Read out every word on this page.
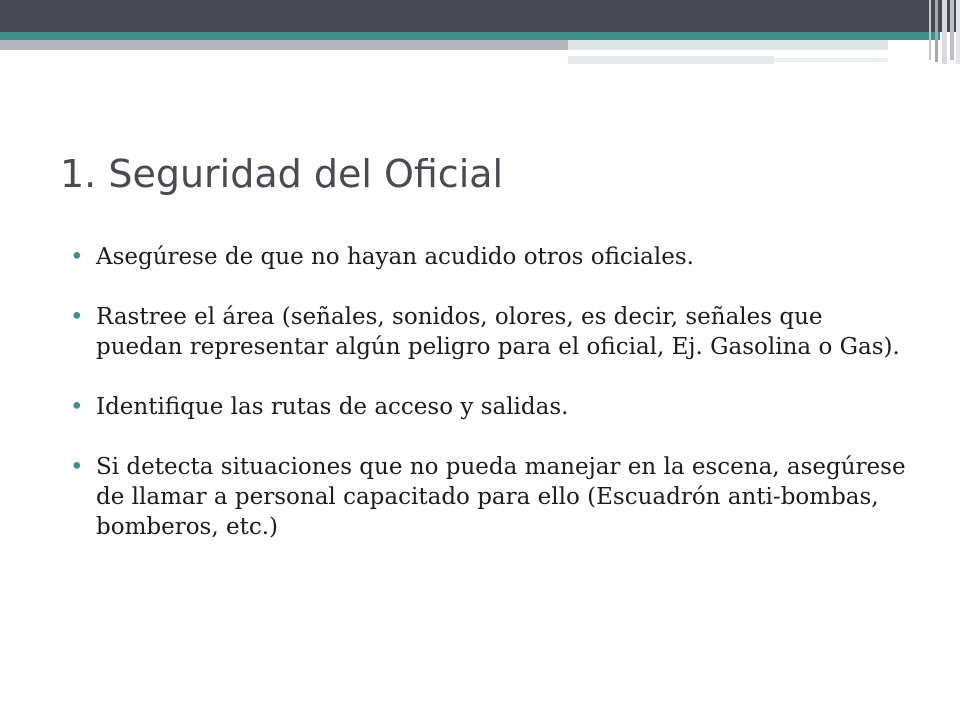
1. Seguridad del Oficial
• Asegúrese de que no hayan acudido otros oficiales.
• Rastree el área (señales, sonidos, olores, es decir, señales que puedan representar algún peligro para el oficial, Ej. Gasolina o Gas).
• Identifique las rutas de acceso y salidas.
• Si detecta situaciones que no pueda manejar en la escena, asegúrese de llamar a personal capacitado para ello (Escuadrón anti-bombas, bomberos, etc.)
